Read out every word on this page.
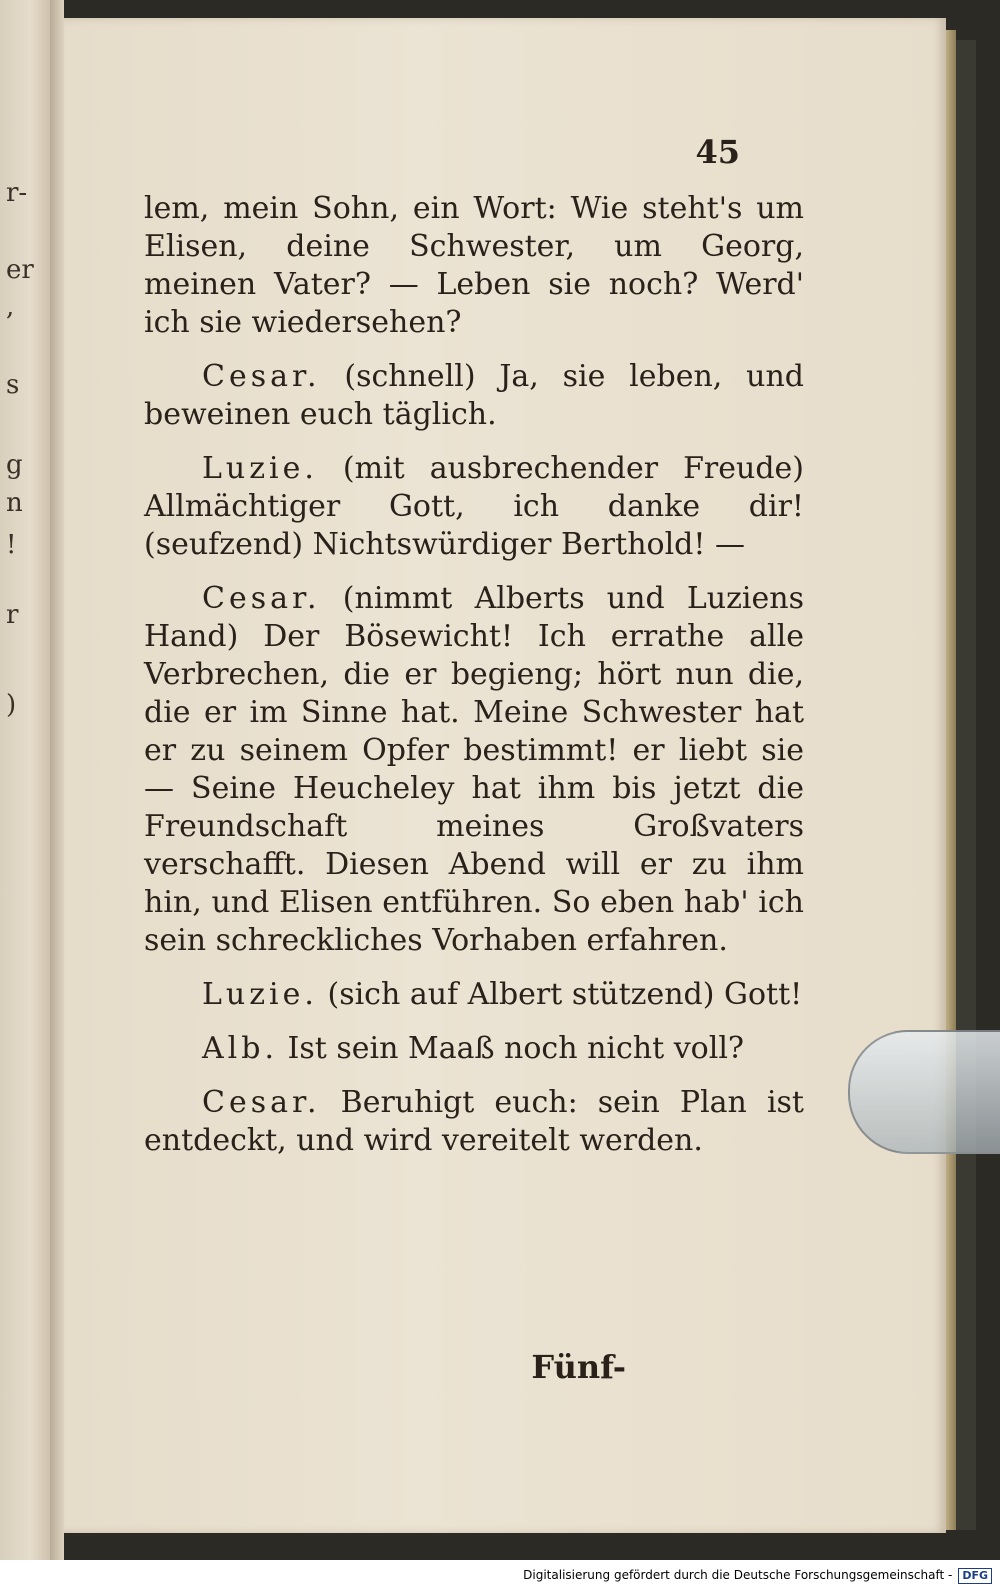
r-
er
,
s
g
n
!
)
r
45

lem, mein Sohn, ein Wort: Wie steht's um Elisen, deine Schwester, um Georg, meinen Vater? — Leben sie noch? Werd' ich sie wiedersehen?

Cesar. (schnell) Ja, sie leben, und beweinen euch täglich.

Luzie. (mit ausbrechender Freude) Allmächtiger Gott, ich danke dir! (seufzend) Nichtswürdiger Berthold! —

Cesar. (nimmt Alberts und Luziens Hand) Der Bösewicht! Ich errathe alle Verbrechen, die er begieng; hört nun die, die er im Sinne hat. Meine Schwester hat er zu seinem Opfer bestimmt! er liebt sie — Seine Heucheley hat ihm bis jetzt die Freundschaft meines Großvaters verschafft. Diesen Abend will er zu ihm hin, und Elisen entführen. So eben hab' ich sein schreckliches Vorhaben erfahren.

Luzie. (sich auf Albert stützend) Gott!

Alb. Ist sein Maaß noch nicht voll?

Cesar. Beruhigt euch: sein Plan ist entdeckt, und wird vereitelt werden.

Fünf-
Digitalisierung gefördert durch die Deutsche Forschungsgemeinschaft - DFG
